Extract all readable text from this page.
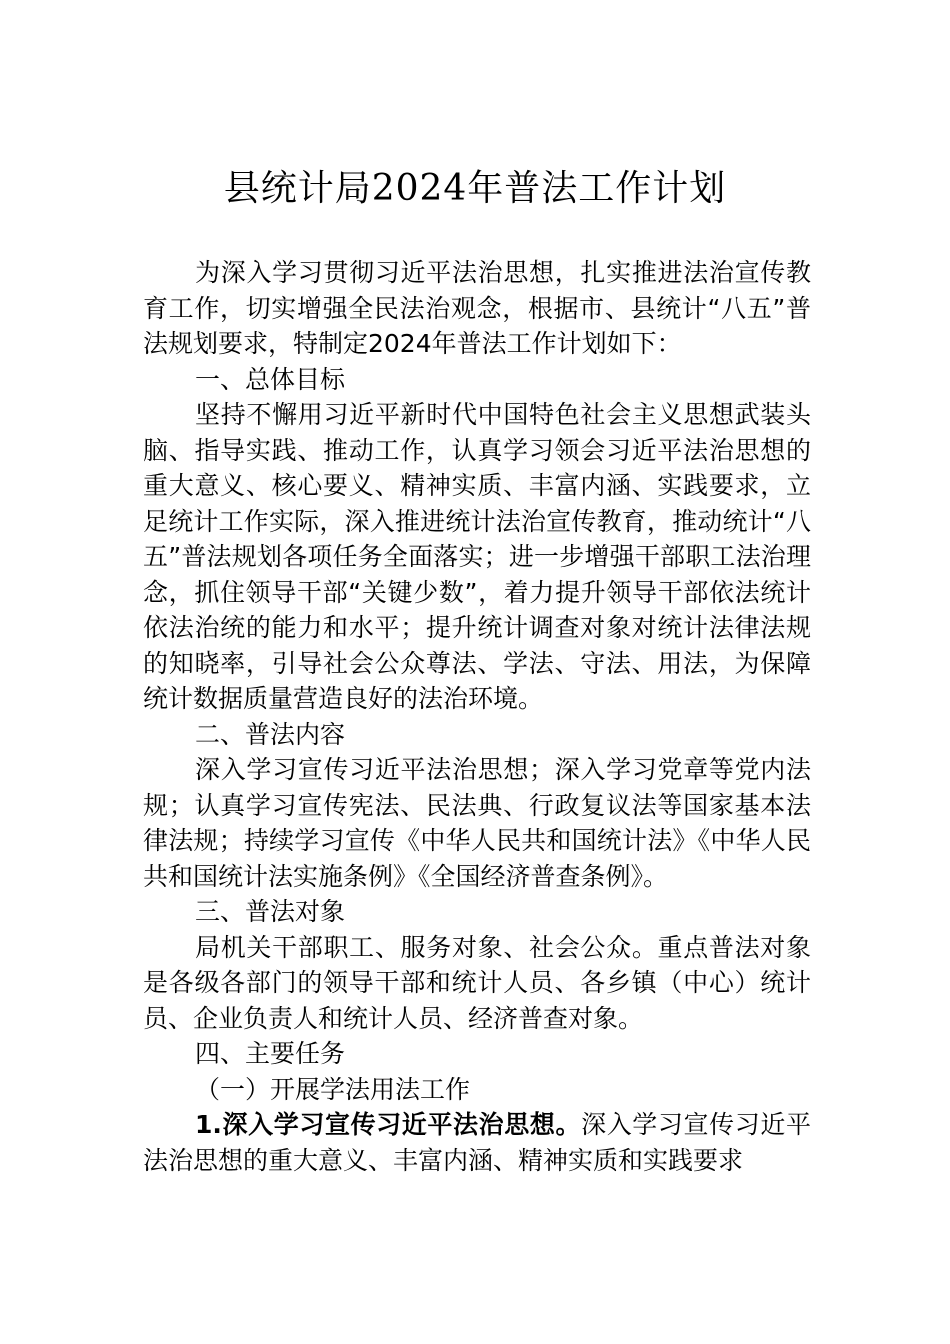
县统计局2024年普法工作计划

为深入学习贯彻习近平法治思想，扎实推进法治宣传教育工作，切实增强全民法治观念，根据市、县统计“八五”普法规划要求，特制定2024年普法工作计划如下：

一、总体目标

坚持不懈用习近平新时代中国特色社会主义思想武装头脑、指导实践、推动工作，认真学习领会习近平法治思想的重大意义、核心要义、精神实质、丰富内涵、实践要求，立足统计工作实际，深入推进统计法治宣传教育，推动统计“八五”普法规划各项任务全面落实；进一步增强干部职工法治理念，抓住领导干部“关键少数”，着力提升领导干部依法统计依法治统的能力和水平；提升统计调查对象对统计法律法规的知晓率，引导社会公众尊法、学法、守法、用法，为保障统计数据质量营造良好的法治环境。

二、普法内容

深入学习宣传习近平法治思想；深入学习党章等党内法规；认真学习宣传宪法、民法典、行政复议法等国家基本法律法规；持续学习宣传《中华人民共和国统计法》《中华人民共和国统计法实施条例》《全国经济普查条例》。

三、普法对象

局机关干部职工、服务对象、社会公众。重点普法对象是各级各部门的领导干部和统计人员、各乡镇（中心）统计员、企业负责人和统计人员、经济普查对象。

四、主要任务

（一）开展学法用法工作

1.深入学习宣传习近平法治思想。深入学习宣传习近平法治思想的重大意义、丰富内涵、精神实质和实践要求
